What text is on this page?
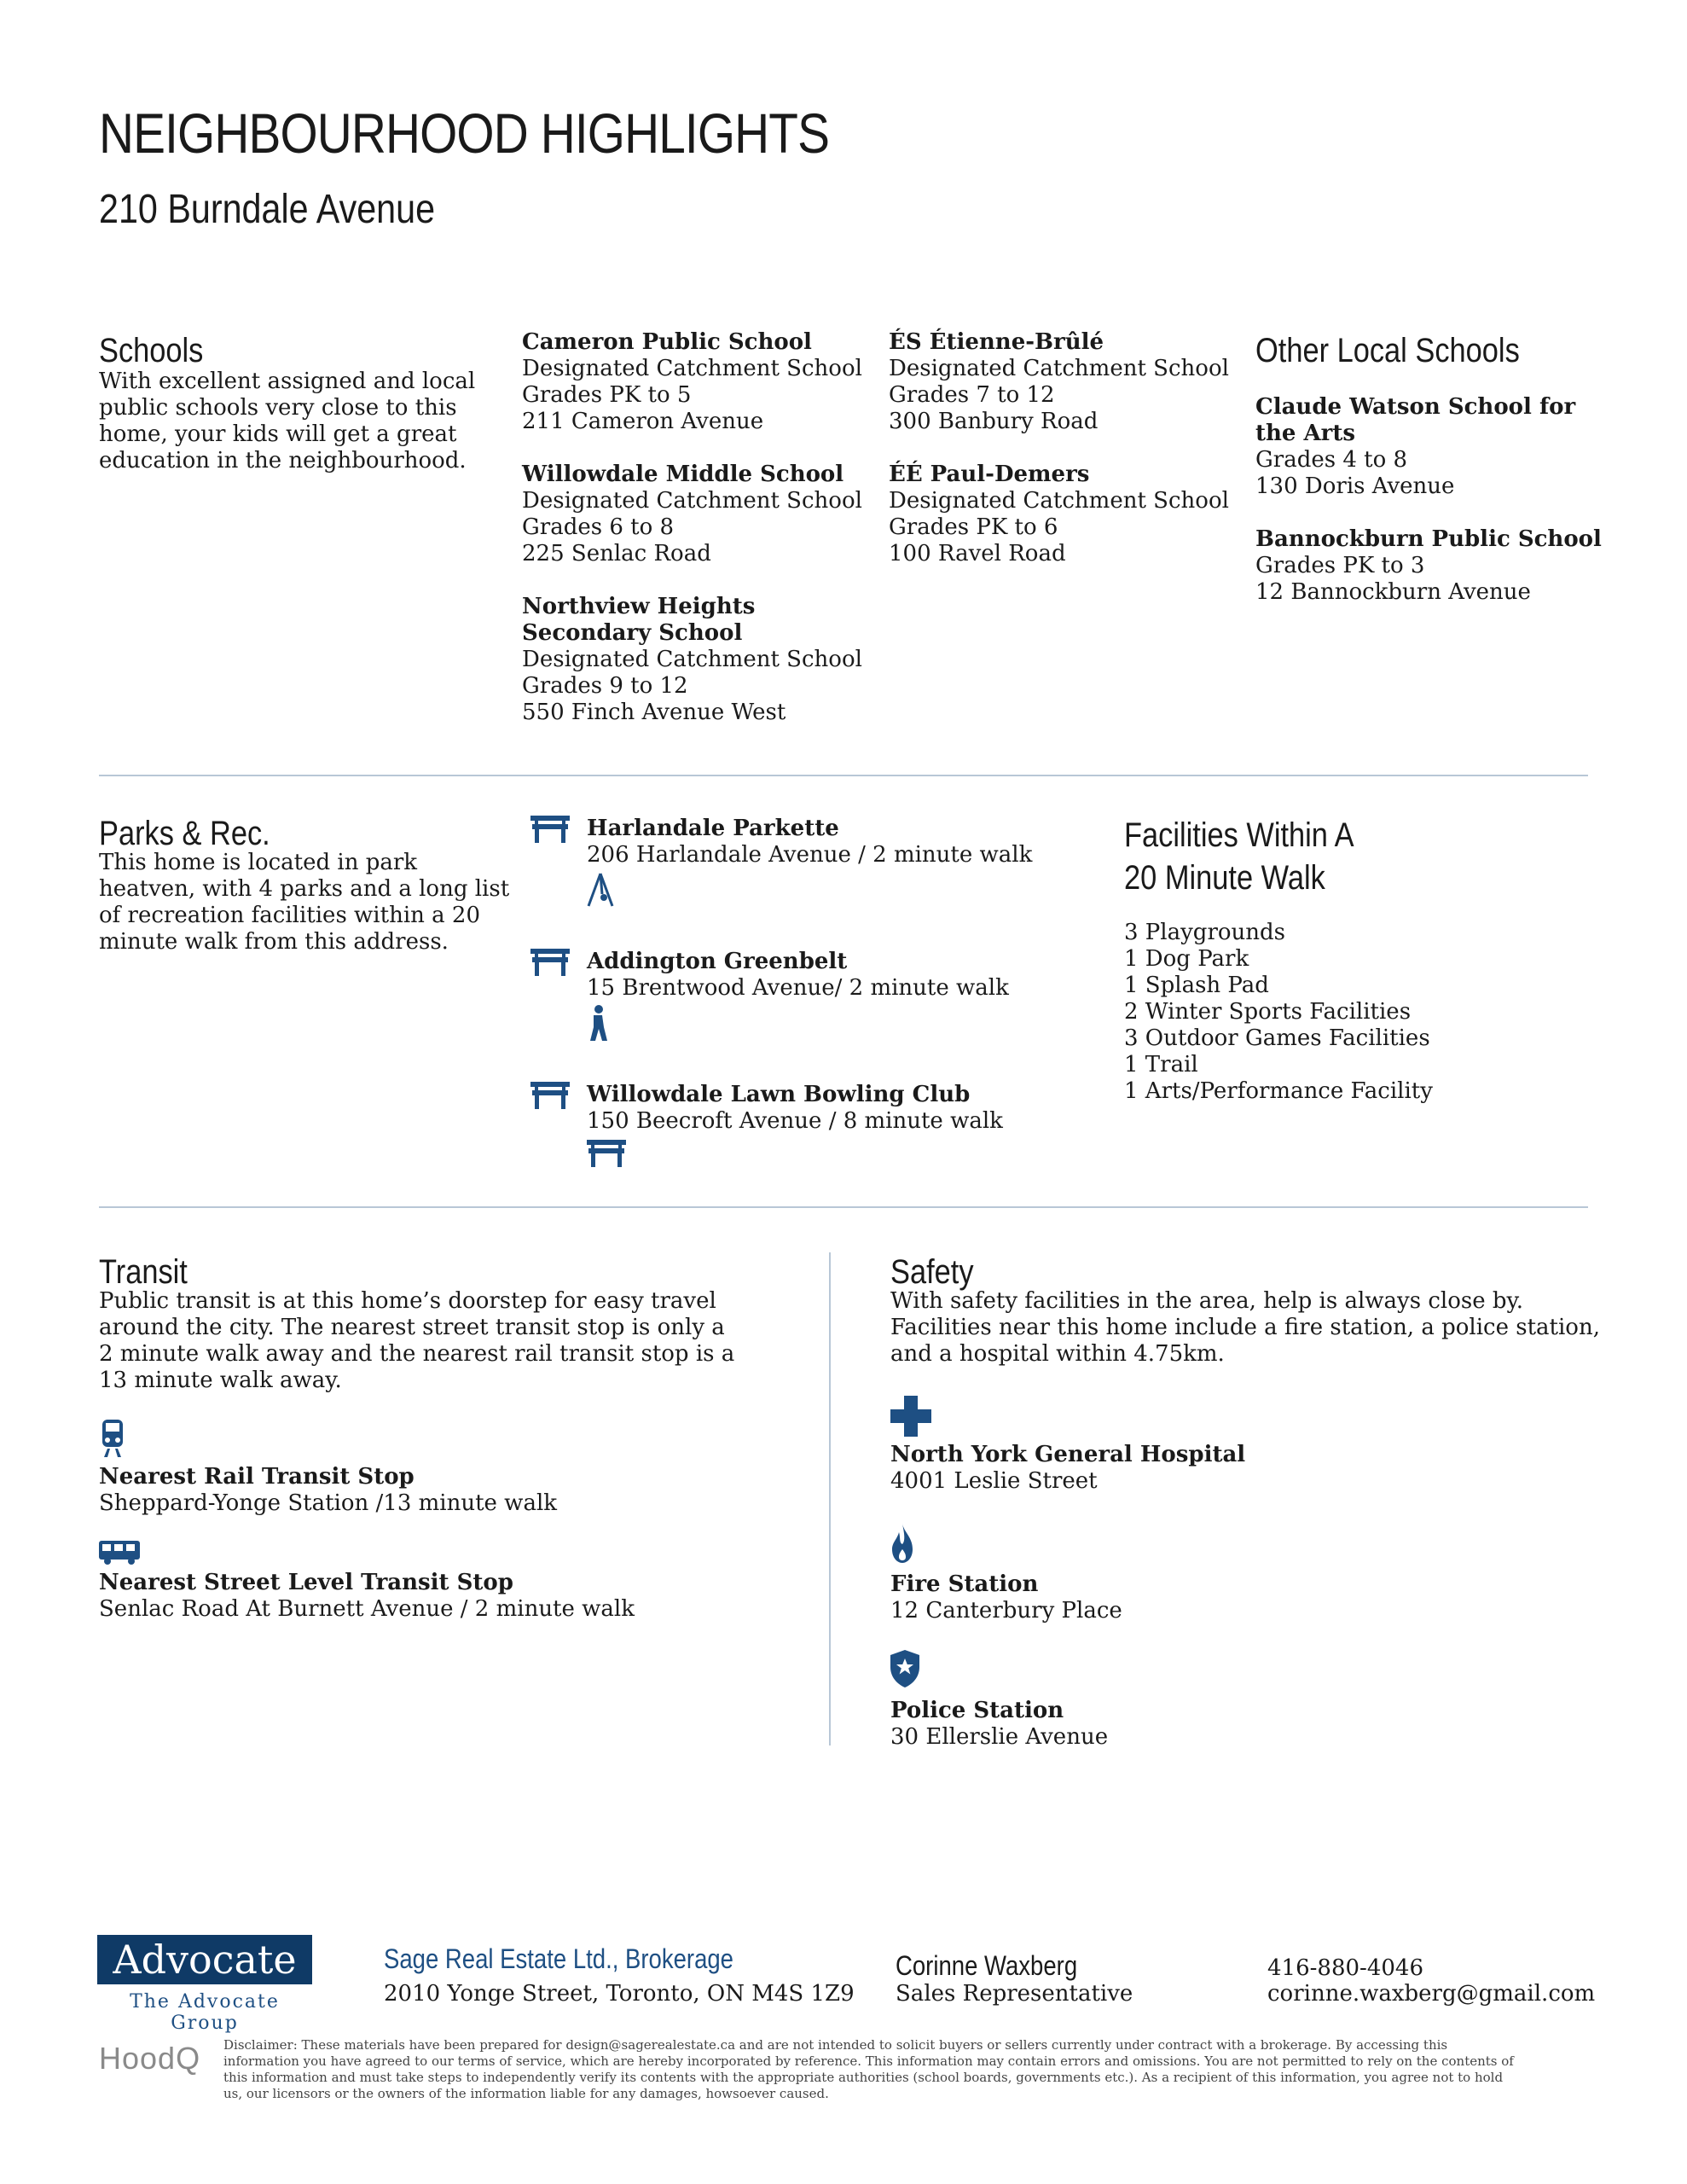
NEIGHBOURHOOD HIGHLIGHTS
210 Burndale Avenue
Schools
With excellent assigned and local
public schools very close to this
home, your kids will get a great
education in the neighbourhood.
Cameron Public School
Designated Catchment School
Grades PK to 5
211 Cameron Avenue
Willowdale Middle School
Designated Catchment School
Grades 6 to 8
225 Senlac Road
Northview Heights
Secondary School
Designated Catchment School
Grades 9 to 12
550 Finch Avenue West
ÉS Étienne-Brûlé
Designated Catchment School
Grades 7 to 12
300 Banbury Road
ÉÉ Paul-Demers
Designated Catchment School
Grades PK to 6
100 Ravel Road
Other Local Schools
Claude Watson School for
the Arts
Grades 4 to 8
130 Doris Avenue
Bannockburn Public School
Grades PK to 3
12 Bannockburn Avenue
Parks & Rec.
This home is located in park
heatven, with 4 parks and a long list
of recreation facilities within a 20
minute walk from this address.
Harlandale Parkette
206 Harlandale Avenue / 2 minute walk
Addington Greenbelt
15 Brentwood Avenue/ 2 minute walk
Willowdale Lawn Bowling Club
150 Beecroft Avenue / 8 minute walk
Facilities Within A
20 Minute Walk
3 Playgrounds
1 Dog Park
1 Splash Pad
2 Winter Sports Facilities
3 Outdoor Games Facilities
1 Trail
1 Arts/Performance Facility
Transit
Public transit is at this home’s doorstep for easy travel
around the city. The nearest street transit stop is only a
2 minute walk away and the nearest rail transit stop is a
13 minute walk away.
Nearest Rail Transit Stop
Sheppard-Yonge Station /13 minute walk
Nearest Street Level Transit Stop
Senlac Road At Burnett Avenue / 2 minute walk
Safety
With safety facilities in the area, help is always close by.
Facilities near this home include a fire station, a police station,
and a hospital within 4.75km.
North York General Hospital
4001 Leslie Street
Fire Station
12 Canterbury Place
Police Station
30 Ellerslie Avenue
Advocate
The Advocate Group
Sage Real Estate Ltd., Brokerage
2010 Yonge Street, Toronto, ON M4S 1Z9
Corinne Waxberg
Sales Representative
416-880-4046
corinne.waxberg@gmail.com
HoodQ Disclaimer: These materials have been prepared for design@sagerealestate.ca and are not intended to solicit buyers or sellers currently under contract with a brokerage. By accessing this
information you have agreed to our terms of service, which are hereby incorporated by reference. This information may contain errors and omissions. You are not permitted to rely on the contents of
this information and must take steps to independently verify its contents with the appropriate authorities (school boards, governments etc.). As a recipient of this information, you agree not to hold
us, our licensors or the owners of the information liable for any damages, howsoever caused.
